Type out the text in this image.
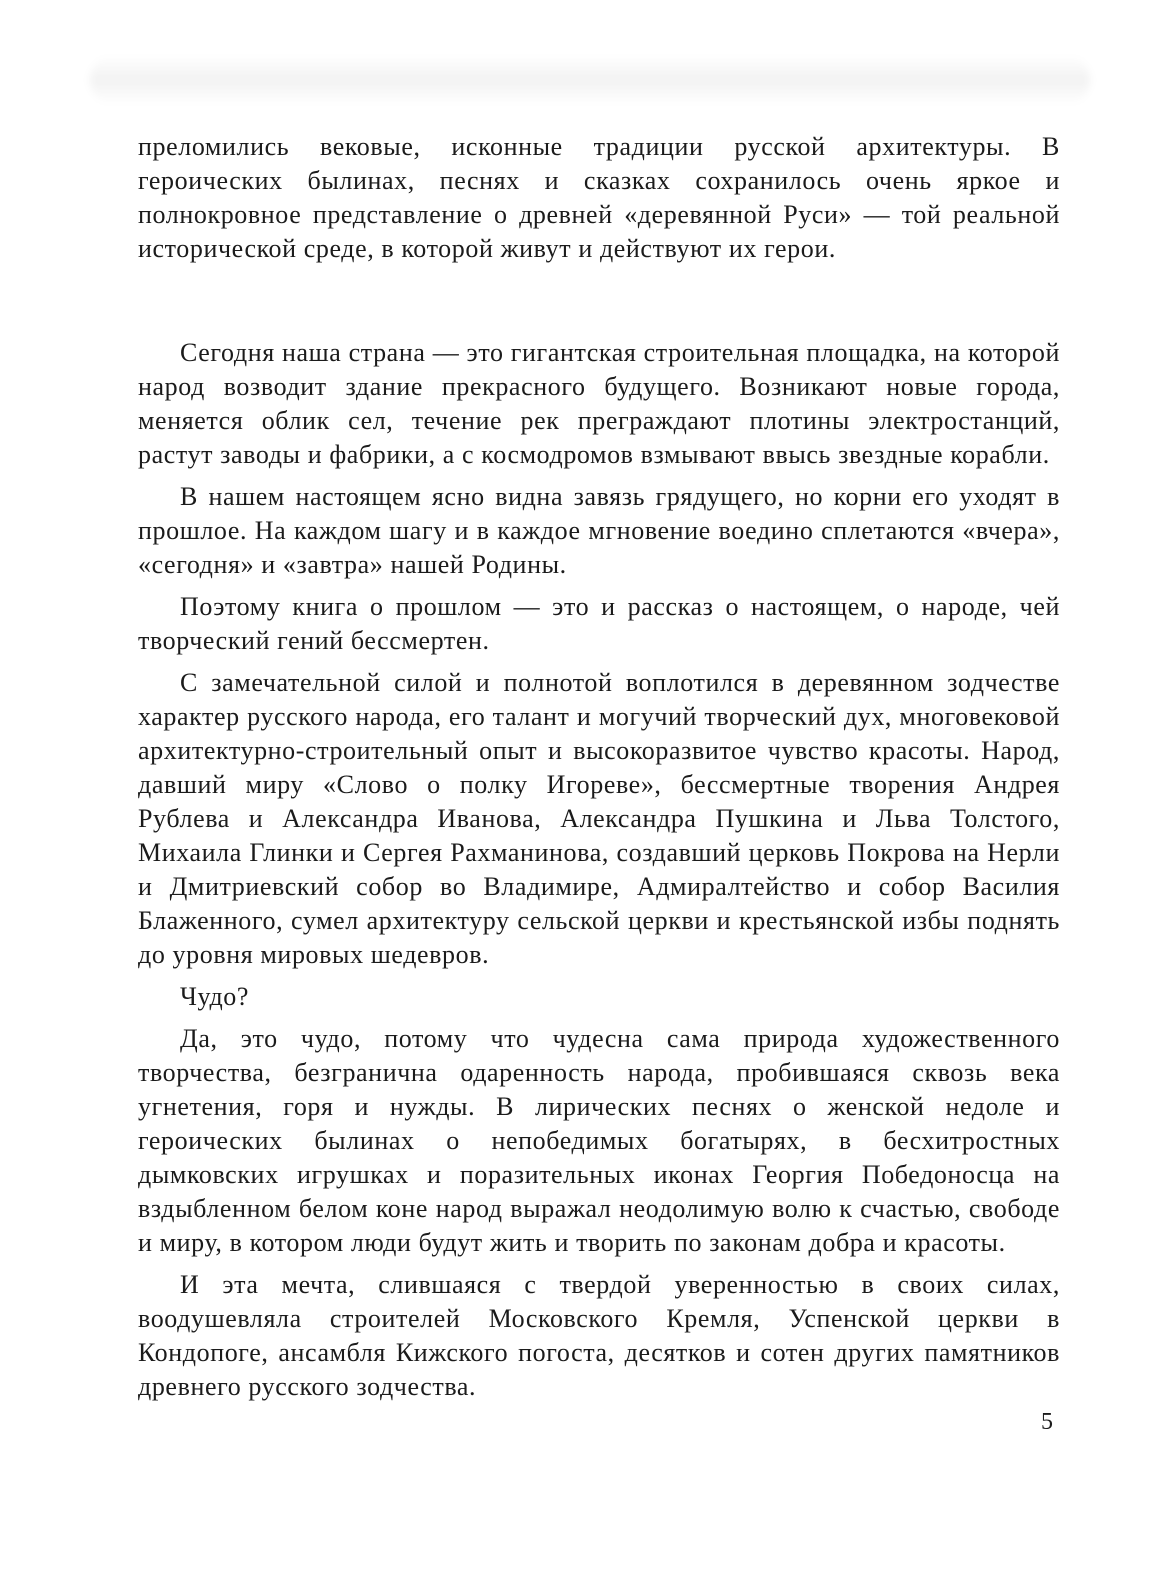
преломились вековые, исконные традиции русской архитектуры. В героических былинах, песнях и сказках сохранилось очень яркое и полнокровное представление о древней «деревянной Руси» — той реальной исторической среде, в которой живут и действуют их герои.

Сегодня наша страна — это гигантская строительная площадка, на которой народ возводит здание прекрасного будущего. Возникают новые города, меняется облик сел, течение рек преграждают плотины электростанций, растут заводы и фабрики, а с космодромов взмывают ввысь звездные корабли.

В нашем настоящем ясно видна завязь грядущего, но корни его уходят в прошлое. На каждом шагу и в каждое мгновение воедино сплетаются «вчера», «сегодня» и «завтра» нашей Родины.

Поэтому книга о прошлом — это и рассказ о настоящем, о народе, чей творческий гений бессмертен.

С замечательной силой и полнотой воплотился в деревянном зодчестве характер русского народа, его талант и могучий творческий дух, многовековой архитектурно-строительный опыт и высокоразвитое чувство красоты. Народ, давший миру «Слово о полку Игореве», бессмертные творения Андрея Рублева и Александра Иванова, Александра Пушкина и Льва Толстого, Михаила Глинки и Сергея Рахманинова, создавший церковь Покрова на Нерли и Дмитриевский собор во Владимире, Адмиралтейство и собор Василия Блаженного, сумел архитектуру сельской церкви и крестьянской избы поднять до уровня мировых шедевров.

Чудо?

Да, это чудо, потому что чудесна сама природа художественного творчества, безгранична одаренность народа, пробившаяся сквозь века угнетения, горя и нужды. В лирических песнях о женской недоле и героических былинах о непобедимых богатырях, в бесхитростных дымковских игрушках и поразительных иконах Георгия Победоносца на вздыбленном белом коне народ выражал неодолимую волю к счастью, свободе и миру, в котором люди будут жить и творить по законам добра и красоты.

И эта мечта, слившаяся с твердой уверенностью в своих силах, воодушевляла строителей Московского Кремля, Успенской церкви в Кондопоге, ансамбля Кижского погоста, десятков и сотен других памятников древнего русского зодчества.

5
